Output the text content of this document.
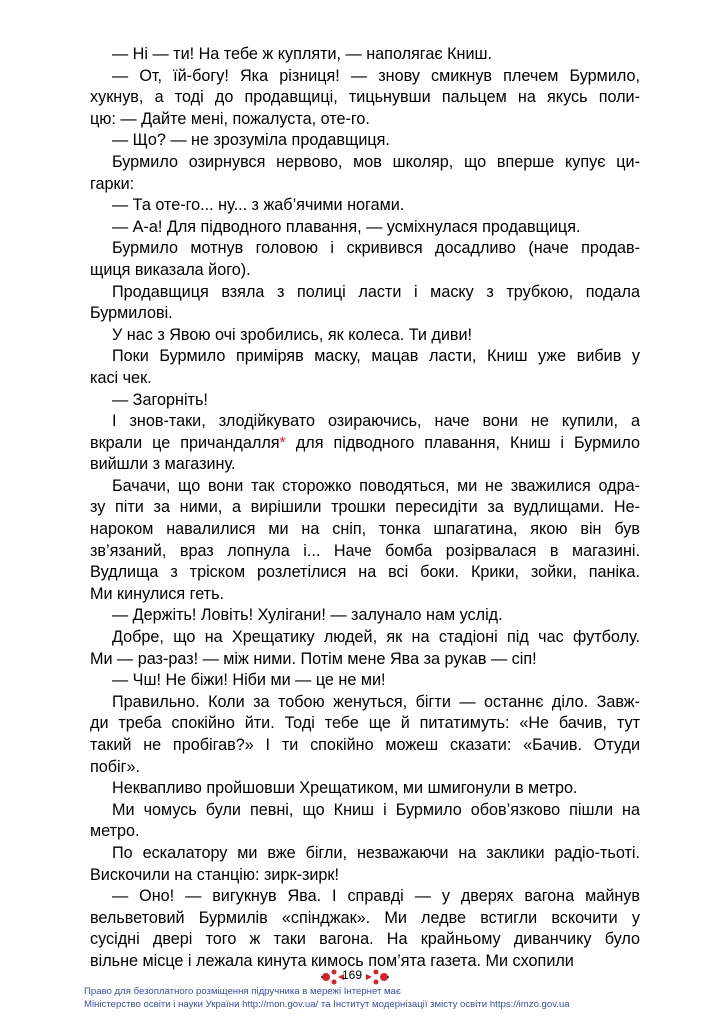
— Ні — ти! На тебе ж купляти, — наполягає Книш.

— От, їй-богу! Яка різниця! — знову смикнув плечем Бурмило,
хукнув, а тоді до продавщиці, тицьнувши пальцем на якусь поли-
цю: — Дайте мені, пожалуста, оте-го.

— Що? — не зрозуміла продавщиця.

Бурмило озирнувся нервово, мов школяр, що вперше купує ци-
гарки:

— Та оте-го... ну... з жаб’ячими ногами.

— А-а! Для підводного плавання, — усміхнулася продавщиця.

Бурмило мотнув головою і скривився досадливо (наче продав-
щиця виказала його).

Продавщиця взяла з полиці ласти і маску з трубкою, подала
Бурмилові.

У нас з Явою очі зробились, як колеса. Ти диви!

Поки Бурмило приміряв маску, мацав ласти, Книш уже вибив у
касі чек.

— Загорніть!

І знов-таки, злодійкувато озираючись, наче вони не купили, а
вкрали це причандалля* для підводного плавання, Книш і Бурмило
вийшли з магазину.

Бачачи, що вони так сторожко поводяться, ми не зважилися одра-
зу піти за ними, а вирішили трошки пересидіти за вудлищами. Не-
нароком навалилися ми на сніп, тонка шпагатина, якою він був
зв’язаний, враз лопнула і... Наче бомба розірвалася в магазині.
Вудлища з тріском розлетілися на всі боки. Крики, зойки, паніка.
Ми кинулися геть.

— Держіть! Ловіть! Хулігани! — залунало нам услід.

Добре, що на Хрещатику людей, як на стадіоні під час футболу.
Ми — раз-раз! — між ними. Потім мене Ява за рукав — сіп!

— Чш! Не біжи! Ніби ми — це не ми!

Правильно. Коли за тобою женуться, бігти — останнє діло. Завж-
ди треба спокійно йти. Тоді тебе ще й питатимуть: «Не бачив, тут
такий не пробігав?» І ти спокійно можеш сказати: «Бачив. Отуди
побіг».

Неквапливо пройшовши Хрещатиком, ми шмигонули в метро.

Ми чомусь були певні, що Книш і Бурмило обов’язково пішли на
метро.

По ескалатору ми вже бігли, незважаючи на заклики радіо-тьоті.
Вискочили на станцію: зирк-зирк!

— Оно! — вигукнув Ява. І справді — у дверях вагона майнув
вельветовий Бурмилів «спінджак». Ми ледве встигли вскочити у
сусідні двері того ж таки вагона. На крайньому диванчику було
вільне місце і лежала кинута кимось пом’ята газета. Ми схопили

169
Право для безоплатного розміщення підручника в мережі Інтернет має
Міністерство освіти і науки України http://mon.gov.ua/ та Інститут модернізації змісту освіти https://imzo.gov.ua
